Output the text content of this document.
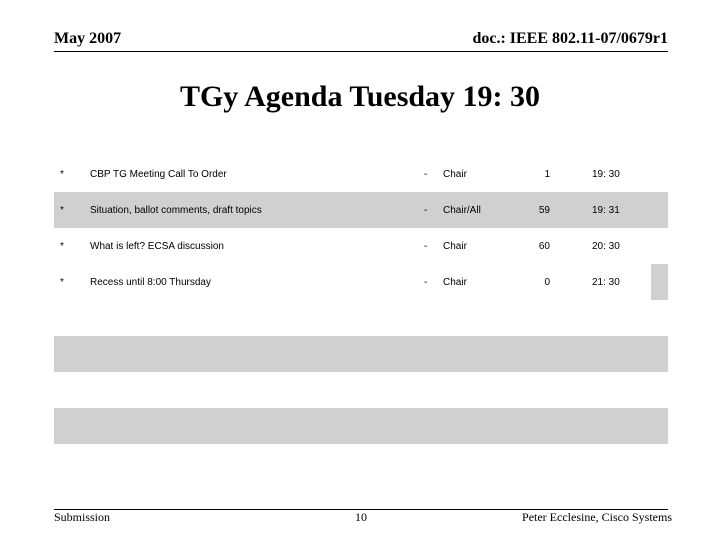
May 2007	doc.: IEEE 802.11-07/0679r1
TGy Agenda Tuesday 19: 30
*	CBP TG Meeting Call To Order	- Chair	1	19: 30
*	Situation, ballot comments, draft topics	- Chair/All	59	19: 31
*	What is left? ECSA discussion	- Chair	60	20: 30
*	Recess until 8:00 Thursday	- Chair	0	21: 30
Submission	10	Peter Ecclesine, Cisco Systems
